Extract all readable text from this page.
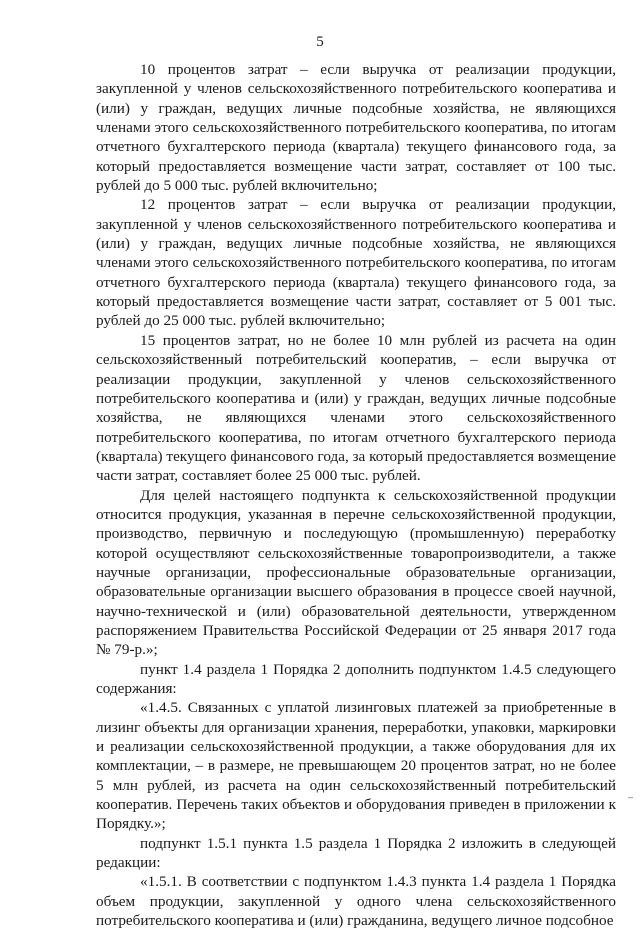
5

10 процентов затрат – если выручка от реализации продукции, закупленной у членов сельскохозяйственного потребительского кооператива и (или) у граждан, ведущих личные подсобные хозяйства, не являющихся членами этого сельскохозяйственного потребительского кооператива, по итогам отчетного бухгалтерского периода (квартала) текущего финансового года, за который предоставляется возмещение части затрат, составляет от 100 тыс. рублей до 5 000 тыс. рублей включительно;

12 процентов затрат – если выручка от реализации продукции, закупленной у членов сельскохозяйственного потребительского кооператива и (или) у граждан, ведущих личные подсобные хозяйства, не являющихся членами этого сельскохозяйственного потребительского кооператива, по итогам отчетного бухгалтерского периода (квартала) текущего финансового года, за который предоставляется возмещение части затрат, составляет от 5 001 тыс. рублей до 25 000 тыс. рублей включительно;

15 процентов затрат, но не более 10 млн рублей из расчета на один сельскохозяйственный потребительский кооператив, – если выручка от реализации продукции, закупленной у членов сельскохозяйственного потребительского кооператива и (или) у граждан, ведущих личные подсобные хозяйства, не являющихся членами этого сельскохозяйственного потребительского кооператива, по итогам отчетного бухгалтерского периода (квартала) текущего финансового года, за который предоставляется возмещение части затрат, составляет более 25 000 тыс. рублей.

Для целей настоящего подпункта к сельскохозяйственной продукции относится продукция, указанная в перечне сельскохозяйственной продукции, производство, первичную и последующую (промышленную) переработку которой осуществляют сельскохозяйственные товаропроизводители, а также научные организации, профессиональные образовательные организации, образовательные организации высшего образования в процессе своей научной, научно-технической и (или) образовательной деятельности, утвержденном распоряжением Правительства Российской Федерации от 25 января 2017 года № 79-р.»;

пункт 1.4 раздела 1 Порядка 2 дополнить подпунктом 1.4.5 следующего содержания:

«1.4.5. Связанных с уплатой лизинговых платежей за приобретенные в лизинг объекты для организации хранения, переработки, упаковки, маркировки и реализации сельскохозяйственной продукции, а также оборудования для их комплектации, – в размере, не превышающем 20 процентов затрат, но не более 5 млн рублей, из расчета на один сельскохозяйственный потребительский кооператив. Перечень таких объектов и оборудования приведен в приложении к Порядку.»;

подпункт 1.5.1 пункта 1.5 раздела 1 Порядка 2 изложить в следующей редакции:

«1.5.1. В соответствии с подпунктом 1.4.3 пункта 1.4 раздела 1 Порядка объем продукции, закупленной у одного члена сельскохозяйственного потребительского кооператива и (или) гражданина, ведущего личное подсобное

–
